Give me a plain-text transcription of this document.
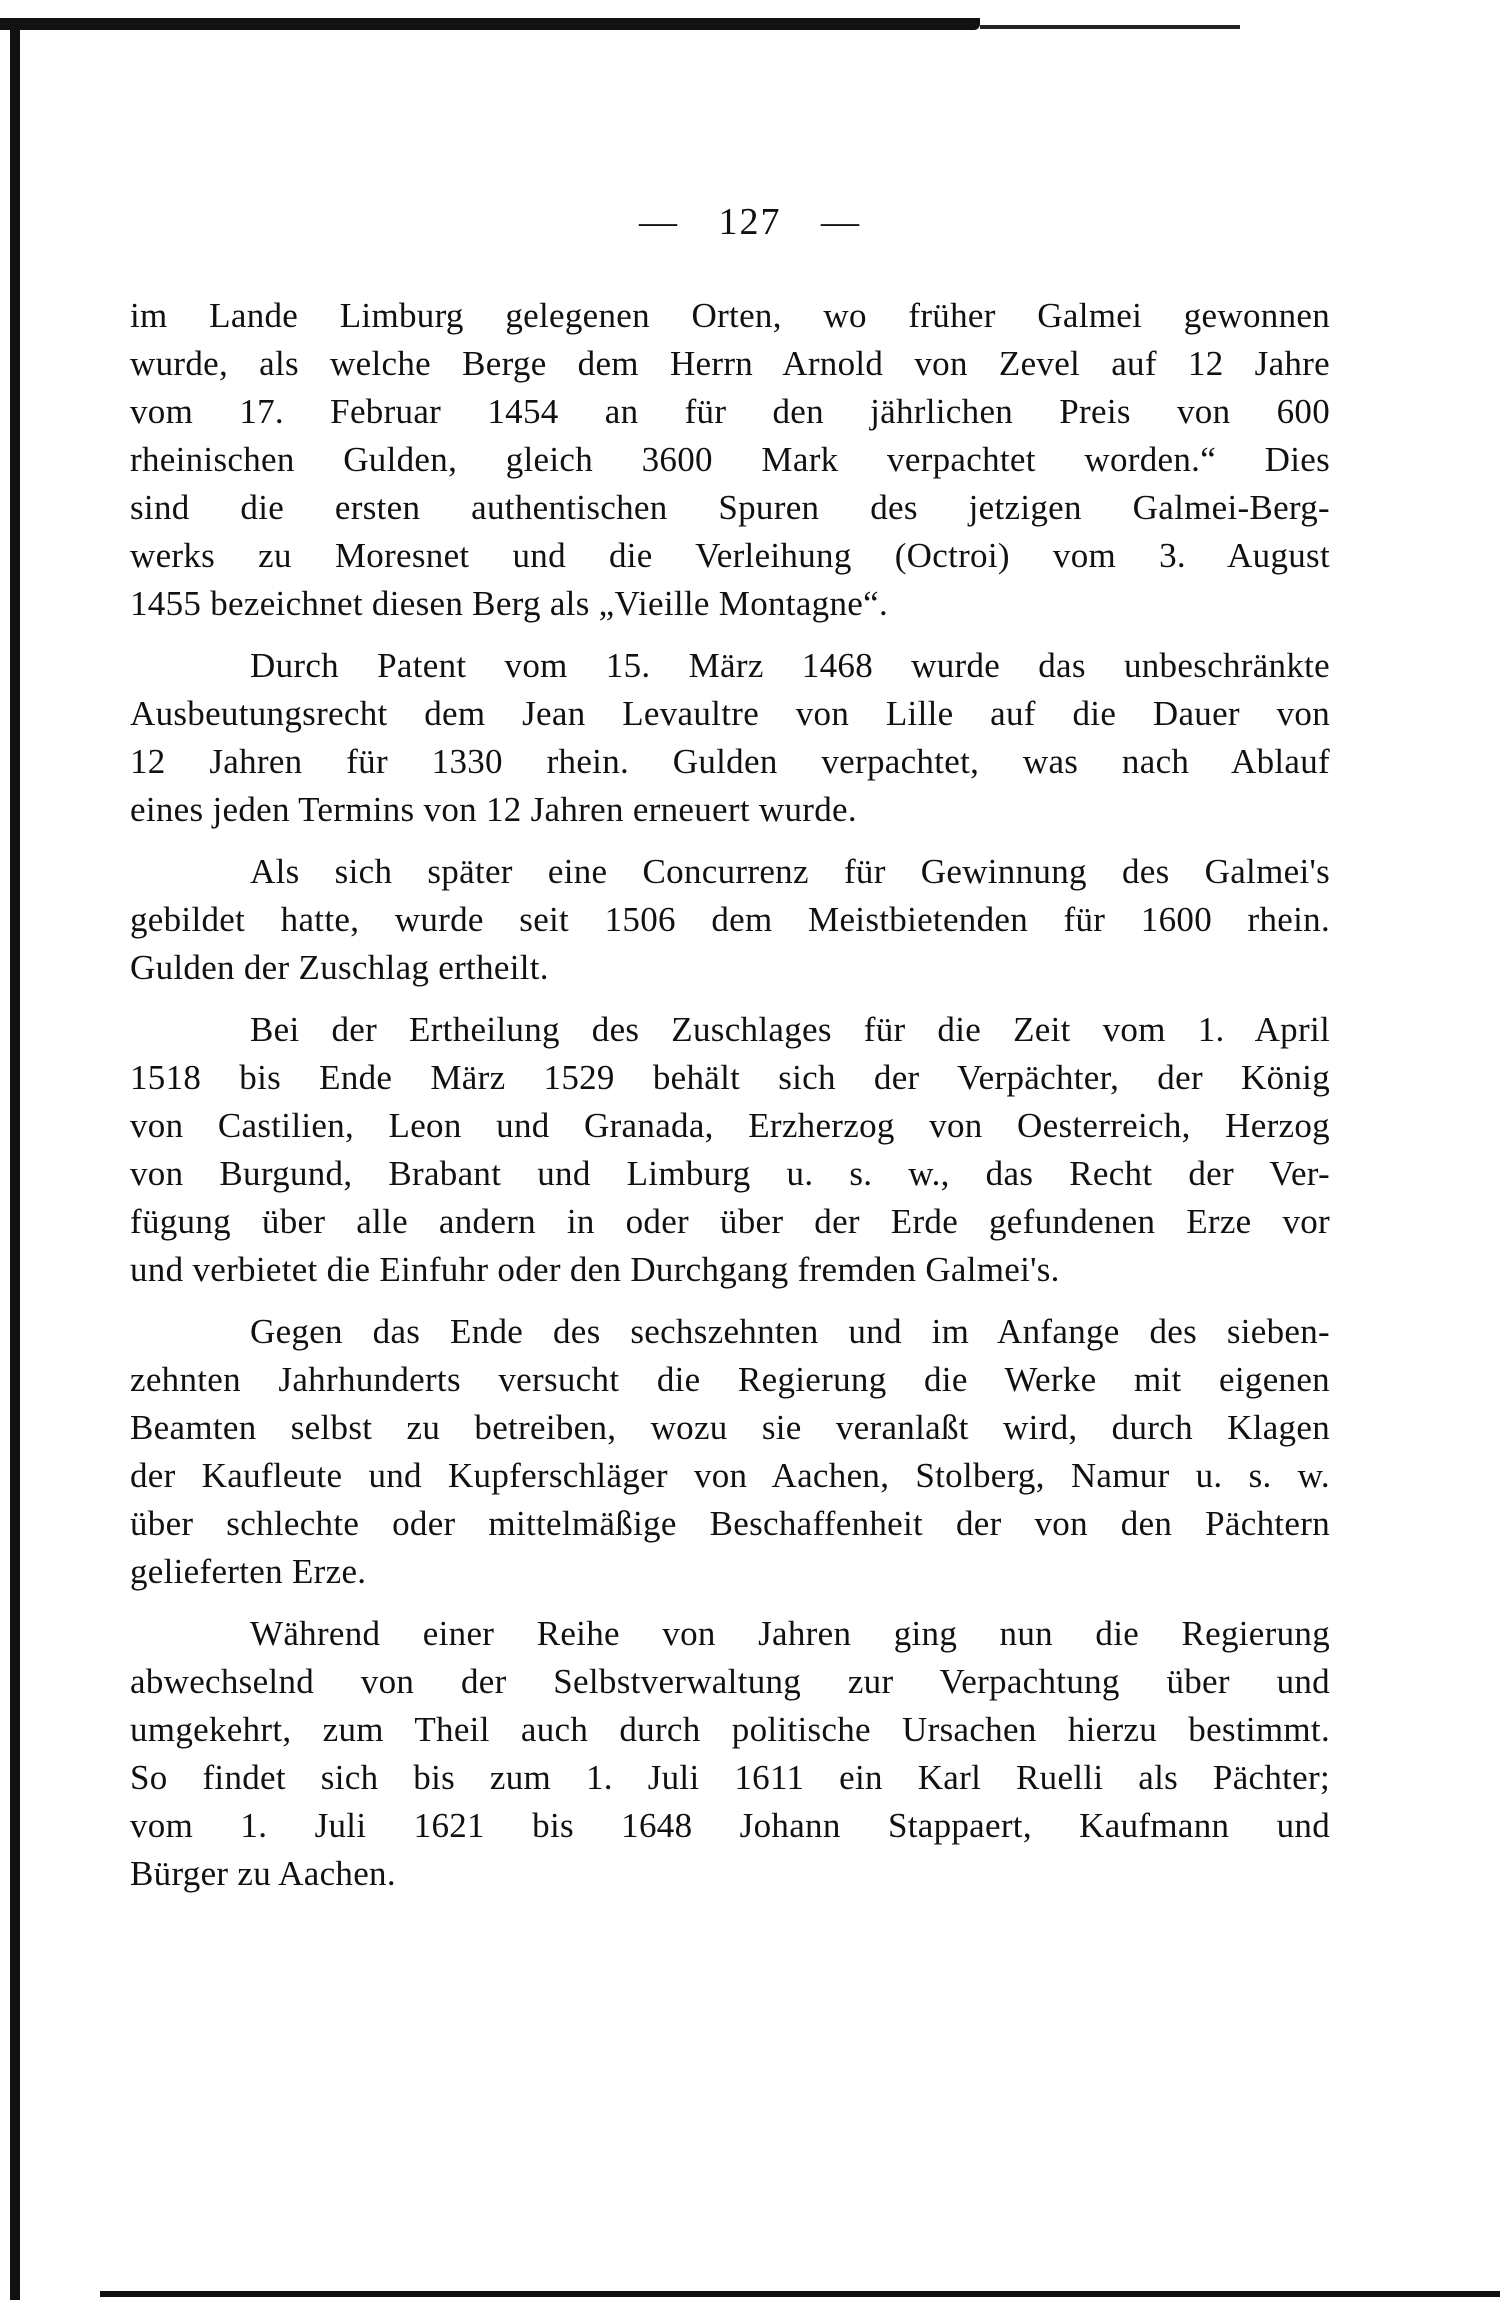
— 127 —
im Lande Limburg gelegenen Orten, wo früher Galmei gewonnen
wurde, als welche Berge dem Herrn Arnold von Zevel auf 12 Jahre
vom 17. Februar 1454 an für den jährlichen Preis von 600
rheinischen Gulden, gleich 3600 Mark verpachtet worden.“ Dies
sind die ersten authentischen Spuren des jetzigen Galmei-Berg-
werks zu Moresnet und die Verleihung (Octroi) vom 3. August
1455 bezeichnet diesen Berg als „Vieille Montagne“.
Durch Patent vom 15. März 1468 wurde das unbeschränkte
Ausbeutungsrecht dem Jean Levaultre von Lille auf die Dauer von
12 Jahren für 1330 rhein. Gulden verpachtet, was nach Ablauf
eines jeden Termins von 12 Jahren erneuert wurde.
Als sich später eine Concurrenz für Gewinnung des Galmei's
gebildet hatte, wurde seit 1506 dem Meistbietenden für 1600 rhein.
Gulden der Zuschlag ertheilt.
Bei der Ertheilung des Zuschlages für die Zeit vom 1. April
1518 bis Ende März 1529 behält sich der Verpächter, der König
von Castilien, Leon und Granada, Erzherzog von Oesterreich, Herzog
von Burgund, Brabant und Limburg u. s. w., das Recht der Ver-
fügung über alle andern in oder über der Erde gefundenen Erze vor
und verbietet die Einfuhr oder den Durchgang fremden Galmei's.
Gegen das Ende des sechszehnten und im Anfange des sieben-
zehnten Jahrhunderts versucht die Regierung die Werke mit eigenen
Beamten selbst zu betreiben, wozu sie veranlaßt wird, durch Klagen
der Kaufleute und Kupferschläger von Aachen, Stolberg, Namur u. s. w.
über schlechte oder mittelmäßige Beschaffenheit der von den Pächtern
gelieferten Erze.
Während einer Reihe von Jahren ging nun die Regierung
abwechselnd von der Selbstverwaltung zur Verpachtung über und
umgekehrt, zum Theil auch durch politische Ursachen hierzu bestimmt.
So findet sich bis zum 1. Juli 1611 ein Karl Ruelli als Pächter;
vom 1. Juli 1621 bis 1648 Johann Stappaert, Kaufmann und
Bürger zu Aachen.
